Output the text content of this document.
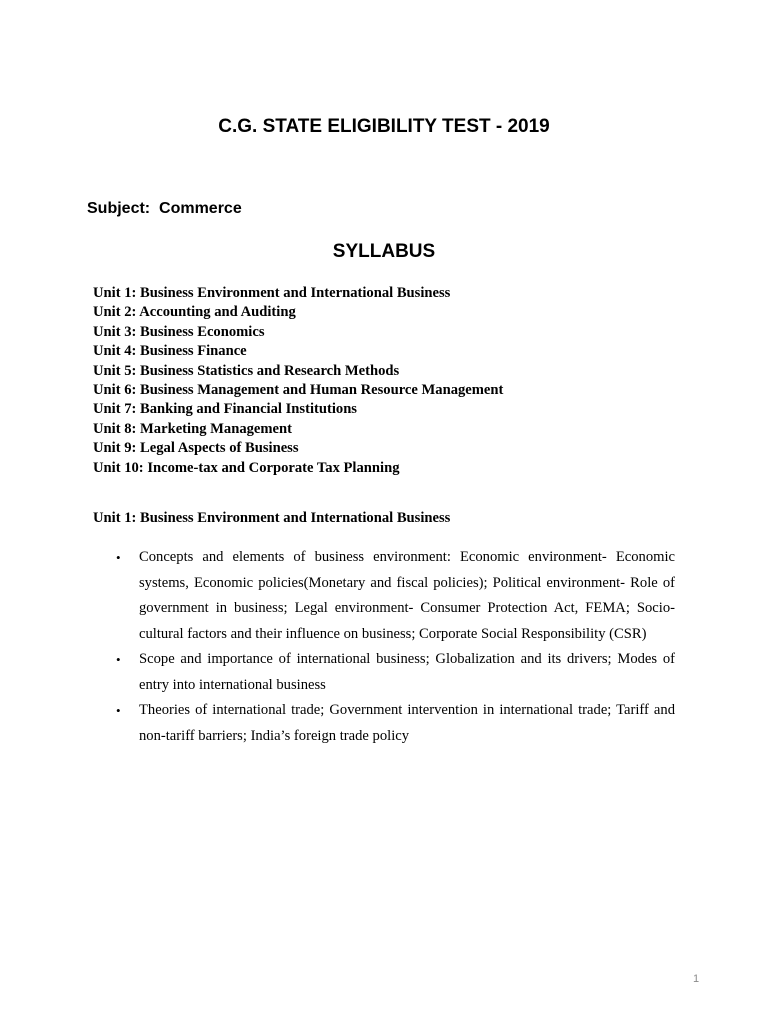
C.G. STATE ELIGIBILITY TEST - 2019
Subject:  Commerce
SYLLABUS
Unit 1: Business Environment and International Business
Unit 2: Accounting and Auditing
Unit 3: Business Economics
Unit 4: Business Finance
Unit 5: Business Statistics and Research Methods
Unit 6: Business Management and Human Resource Management
Unit 7: Banking and Financial Institutions
Unit 8: Marketing Management
Unit 9: Legal Aspects of Business
Unit 10: Income-tax and Corporate Tax Planning
Unit 1: Business Environment and International Business
• Concepts and elements of business environment: Economic environment- Economic systems, Economic policies(Monetary and fiscal policies); Political environment- Role of government in business; Legal environment- Consumer Protection Act, FEMA; Socio-cultural factors and their influence on business; Corporate Social Responsibility (CSR)
• Scope and importance of international business; Globalization and its drivers; Modes of entry into international business
• Theories of international trade; Government intervention in international trade; Tariff and non-tariff barriers; India’s foreign trade policy
1
